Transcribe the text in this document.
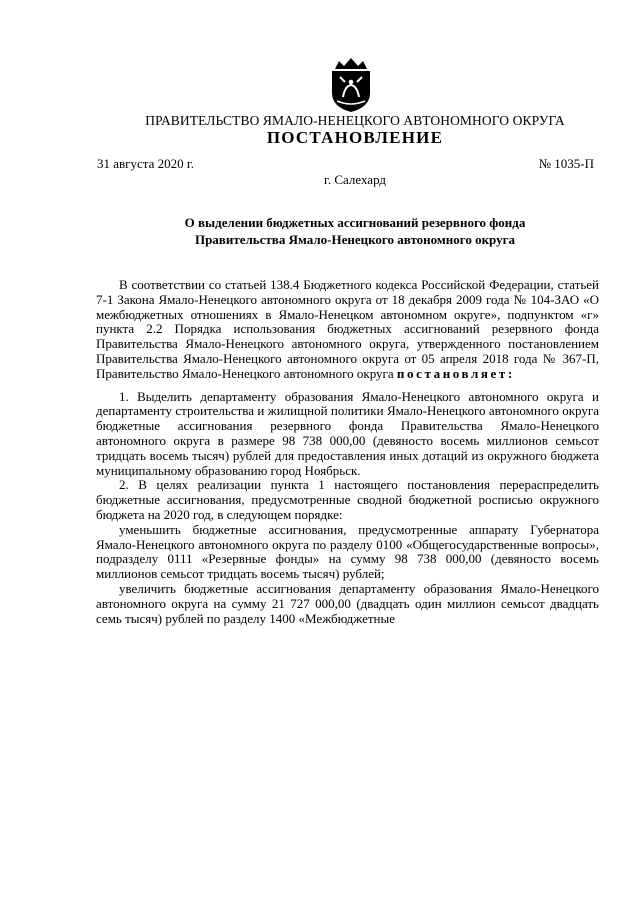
ПРАВИТЕЛЬСТВО ЯМАЛО-НЕНЕЦКОГО АВТОНОМНОГО ОКРУГА
ПОСТАНОВЛЕНИЕ
31 августа 2020 г.	№ 1035-П
г. Салехард
О выделении бюджетных ассигнований резервного фонда
Правительства Ямало-Ненецкого автономного округа

В соответствии со статьей 138.4 Бюджетного кодекса Российской Федерации, статьей 7-1 Закона Ямало-Ненецкого автономного округа от 18 декабря 2009 года № 104-ЗАО «О межбюджетных отношениях в Ямало-Ненецком автономном округе», подпунктом «г» пункта 2.2 Порядка использования бюджетных ассигнований резервного фонда Правительства Ямало-Ненецкого автономного округа, утвержденного постановлением Правительства Ямало-Ненецкого автономного округа от 05 апреля 2018 года № 367-П, Правительство Ямало-Ненецкого автономного округа постановляет:

1. Выделить департаменту образования Ямало-Ненецкого автономного округа и департаменту строительства и жилищной политики Ямало-Ненецкого автономного округа бюджетные ассигнования резервного фонда Правительства Ямало-Ненецкого автономного округа в размере 98 738 000,00 (девяносто восемь миллионов семьсот тридцать восемь тысяч) рублей для предоставления иных дотаций из окружного бюджета муниципальному образованию город Ноябрьск.

2. В целях реализации пункта 1 настоящего постановления перераспределить бюджетные ассигнования, предусмотренные сводной бюджетной росписью окружного бюджета на 2020 год, в следующем порядке:

уменьшить бюджетные ассигнования, предусмотренные аппарату Губернатора Ямало-Ненецкого автономного округа по разделу 0100 «Общегосударственные вопросы», подразделу 0111 «Резервные фонды» на сумму 98 738 000,00 (девяносто восемь миллионов семьсот тридцать восемь тысяч) рублей;

увеличить бюджетные ассигнования департаменту образования Ямало-Ненецкого автономного округа на сумму 21 727 000,00 (двадцать один миллион семьсот двадцать семь тысяч) рублей по разделу 1400 «Межбюджетные
